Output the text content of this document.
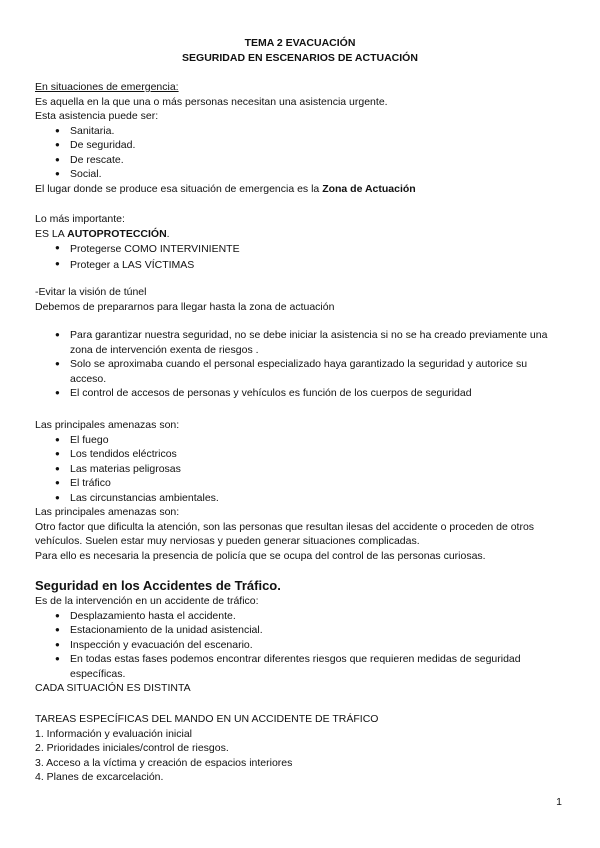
TEMA 2 EVACUACIÓN
SEGURIDAD EN ESCENARIOS DE ACTUACIÓN
En situaciones de emergencia:
Es aquella en la que una o más personas necesitan una asistencia urgente.
Esta asistencia puede ser:
● Sanitaria.
● De seguridad.
● De rescate.
● Social.
El lugar donde se produce esa situación de emergencia es la Zona de Actuación
Lo más importante:
ES LA AUTOPROTECCIÓN.
● Protegerse COMO INTERVINIENTE
● Proteger a LAS VÍCTIMAS
-Evitar la visión de túnel
Debemos de prepararnos para llegar hasta la zona de actuación
● Para garantizar nuestra seguridad, no se debe iniciar la asistencia si no se ha creado previamente una zona de intervención exenta de riesgos .
● Solo se aproximaba cuando el personal especializado haya garantizado la seguridad y autorice su acceso.
● El control de accesos de personas y vehículos es función de los cuerpos de seguridad
Las principales amenazas son:
● El fuego
● Los tendidos eléctricos
● Las materias peligrosas
● El tráfico
● Las circunstancias ambientales.
Las principales amenazas son:
Otro factor que dificulta la atención, son las personas que resultan ilesas del accidente o proceden de otros vehículos. Suelen estar muy nerviosas y pueden generar situaciones complicadas.
Para ello es necesaria la presencia de policía que se ocupa del control de las personas curiosas.
Seguridad en los Accidentes de Tráfico.
Es de la intervención en un accidente de tráfico:
● Desplazamiento hasta el accidente.
● Estacionamiento de la unidad asistencial.
● Inspección y evacuación del escenario.
● En todas estas fases podemos encontrar diferentes riesgos que requieren medidas de seguridad específicas.
CADA SITUACIÓN ES DISTINTA
TAREAS ESPECÍFICAS DEL MANDO EN UN ACCIDENTE DE TRÁFICO
1. Información y evaluación inicial
2. Prioridades iniciales/control de riesgos.
3. Acceso a la víctima y creación de espacios interiores
4. Planes de excarcelación.
1
